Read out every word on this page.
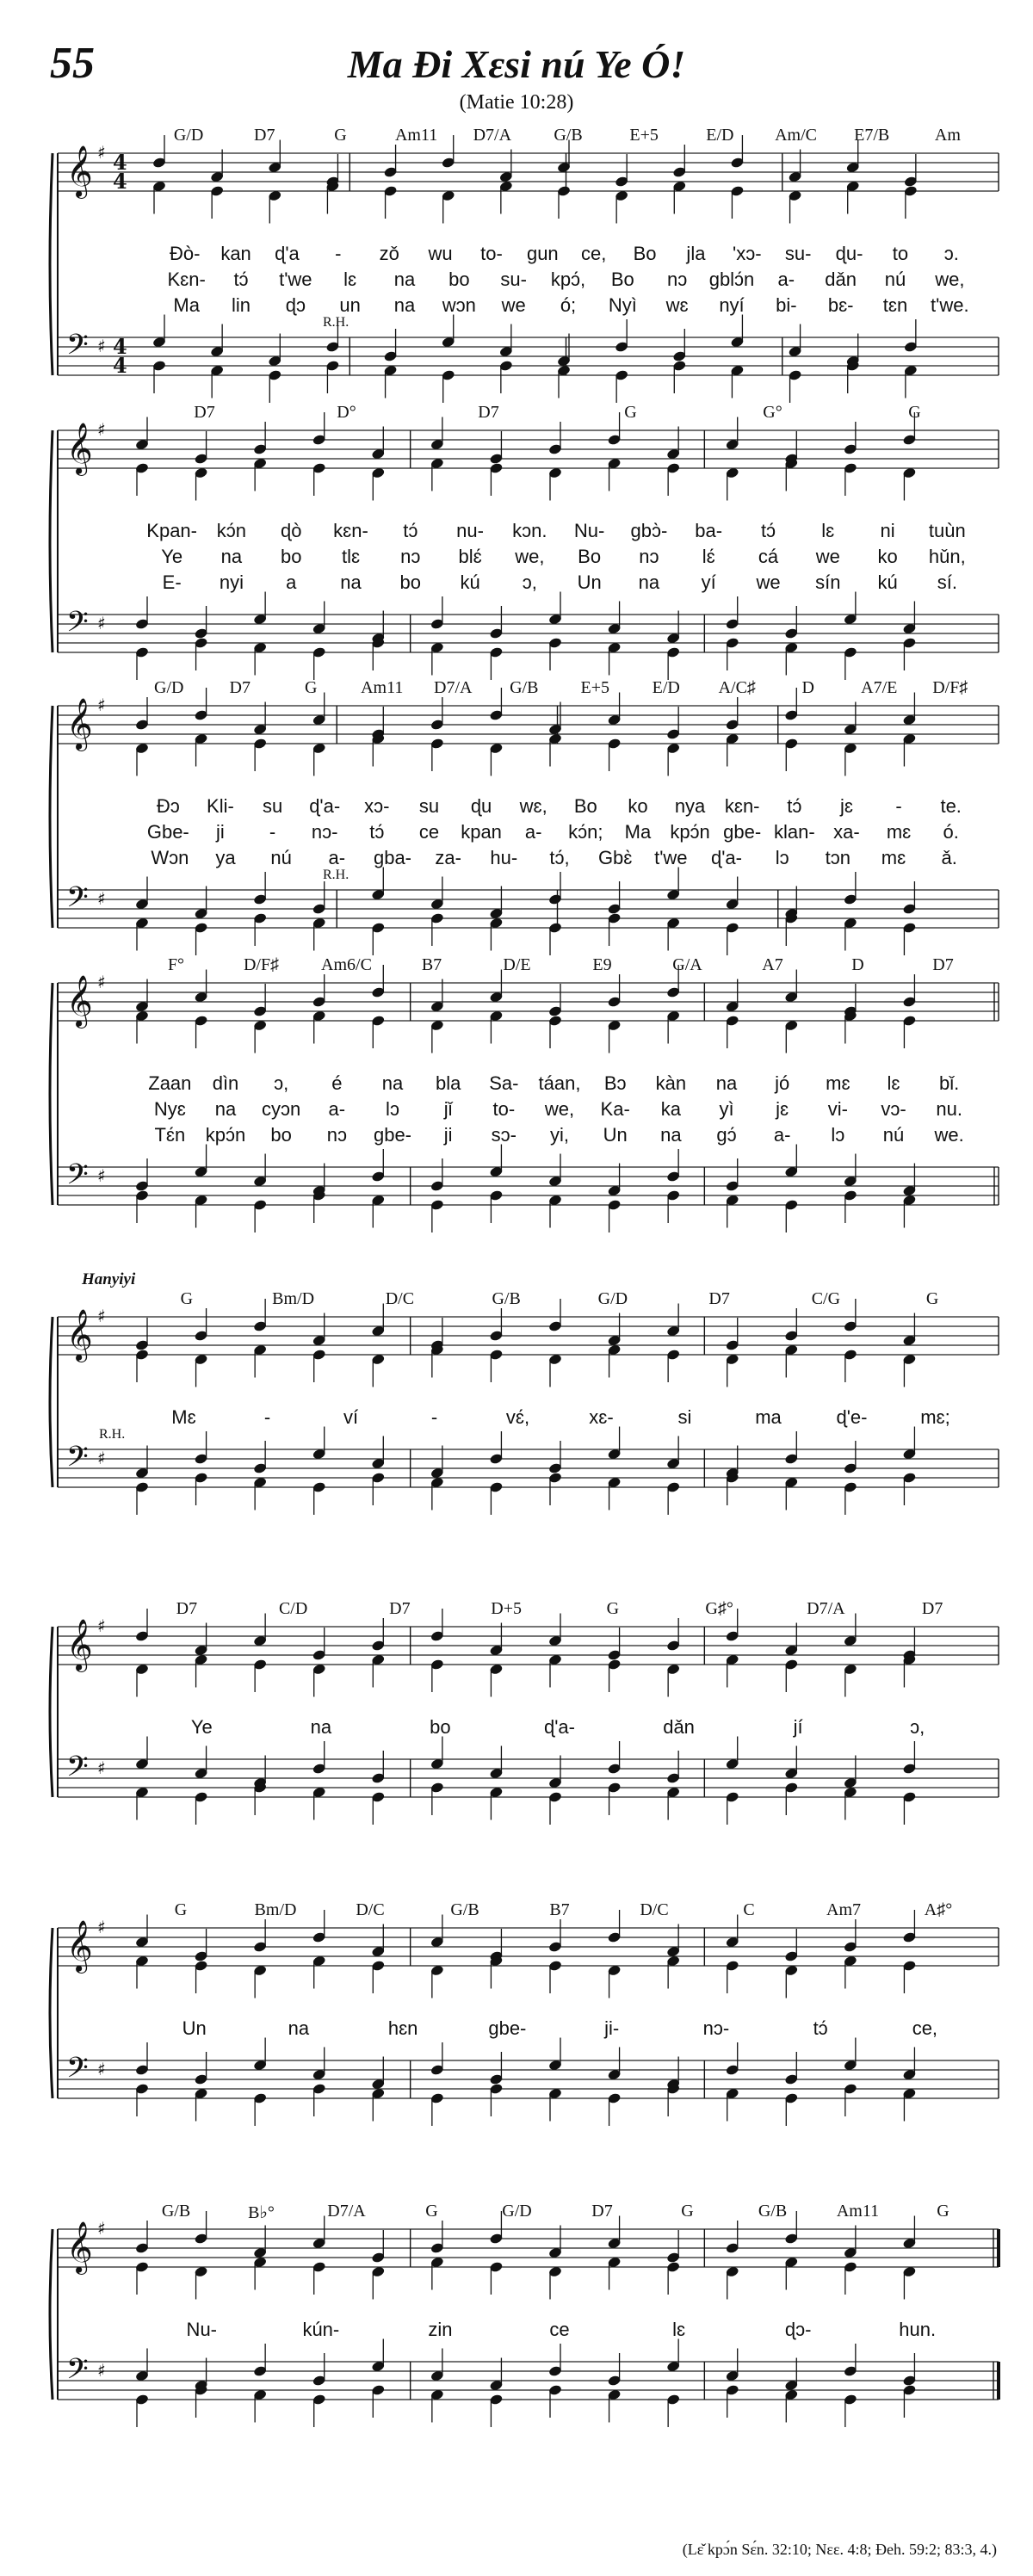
55	Ma Đi Xɛsi nú Ye Ó!
(Matie 10:28)
𝄞 ♯ 4
4
𝄢 ♯ 4
4
G/D	D7	G	Am11 D7/A G/B	E+5	E/D Am/C E7/B	Am
Đò- kan ɖ'a - zǒ wu to- gun ce, Bo jla 'xɔ- su- ɖu- to ɔ.
Kɛn- tɔ́ t'we lɛ na bo su- kpɔ́, Bo nɔ gblɔ́n a- dǎn nú we,
Ma lin ɖɔ un na wɔn we ó; Nyì wɛ nyí bi- bɛ- tɛn t'we.
R.H.
𝄞 ♯
𝄢 ♯
D7	D°	D7	G	G°	G
Kpan- kɔ́n ɖò kɛn- tɔ́ nu- kɔn. Nu- gbɔ̀- ba- tɔ́ lɛ ni tuùn
Ye na bo tlɛ nɔ blɛ́ we, Bo nɔ lɛ́ cá we ko hǔn,
E- nyi a na bo kú ɔ, Un na yí we sín kú sí.
𝄞 ♯
𝄢 ♯
G/D	D7	G	Am11 D7/A G/B E+5 E/D A/C♯	D	A7/E D/F♯
Đɔ Kli- su ɖ'a- xɔ- su ɖu wɛ, Bo ko nya kɛn- tɔ́ jɛ - te.
Gbe- ji - nɔ- tɔ́ ce kpan a- kɔ́n; Ma kpɔ́n gbe- klan- xa- mɛ ó.
Wɔn ya nú a- gba- za- hu- tɔ́, Gbɛ̀ t'we ɖ'a- lɔ tɔn mɛ ǎ.
R.H.
𝄞 ♯
𝄢 ♯
F°	D/F♯ Am6/C	B7	D/E	E9	G/A	A7	D	D7
Zaan dìn ɔ, é na bla Sa- táan, Bɔ kàn na jó mɛ lɛ bǐ.
Nyɛ na cyɔn a- lɔ jǐ to- we, Ka- ka yì jɛ vi- vɔ- nu.
Tɛ́n kpɔ́n bo nɔ gbe- ji sɔ- yi, Un na gɔ́ a- lɔ nú we.
𝄞 ♯
𝄢 ♯
G	Bm/D	D/C	G/B	G/D	D7	C/G	G
Hanyiyi
Mɛ	-	ví	-	vɛ́,	xɛ-	si	ma	ɖ'e-	mɛ;
R.H.
𝄞 ♯
𝄢 ♯
D7	C/D	D7	D+5	G	G♯°	D7/A	D7
Ye	na	bo	ɖ'a-	dǎn	jí	ɔ,
𝄞 ♯
𝄢 ♯
G	Bm/D	D/C	G/B	B7	D/C	C	Am7	A♯°
Un	na	hɛn	gbe-	ji-	nɔ-	tɔ́	ce,
𝄞 ♯
𝄢 ♯
G/B	B♭°	D7/A	G	G/D	D7	G	G/B	Am11	G
Nu-	kún-	zin	ce	lɛ	ɖɔ-	hun.
(Lɛ̌ kpɔ́n Sɛ́n. 32:10; Nɛɛ. 4:8; Đeh. 59:2; 83:3, 4.)
